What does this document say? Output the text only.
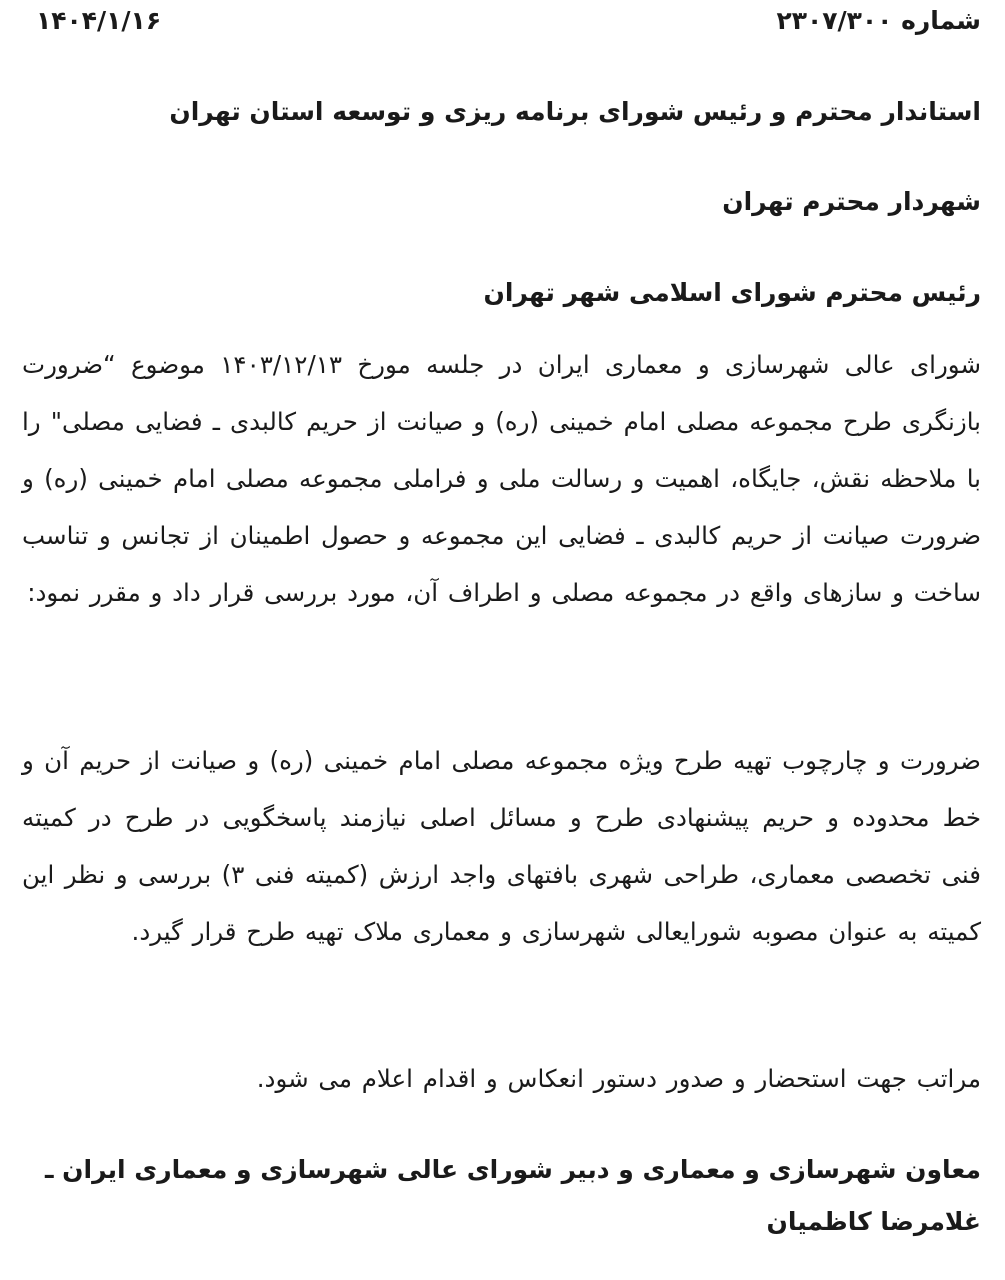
شماره ۲۳۰۷/۳۰۰
۱۴۰۴/۱/۱۶
استاندار محترم و رئیس شورای برنامه ریزی و توسعه استان تهران
شهردار محترم تهران
رئیس محترم شورای اسلامی شهر تهران
شورای عالی شهرسازی و معماری ایران در جلسه مورخ ۱۴۰۳/۱۲/۱۳ موضوع “ضرورت بازنگری طرح مجموعه مصلی امام خمینی (ره) و صیانت از حریم کالبدی ـ فضایی مصلی" را با ملاحظه نقش، جایگاه، اهمیت و رسالت ملی و فراملی مجموعه مصلی امام خمینی (ره) و ضرورت صیانت از حریم کالبدی ـ فضایی این مجموعه و حصول اطمینان از تجانس و تناسب ساخت و سازهای واقع در مجموعه مصلی و اطراف آن، مورد بررسی قرار داد و مقرر نمود:
ضرورت و چارچوب تهیه طرح ویژه مجموعه مصلی امام خمینی (ره) و صیانت از حریم آن و خط محدوده و حریم پیشنهادی طرح و مسائل اصلی نیازمند پاسخگویی در طرح در کمیته فنی تخصصی معماری، طراحی شهری بافتهای واجد ارزش (کمیته فنی ۳) بررسی و نظر این کمیته به عنوان مصوبه شورایعالی شهرسازی و معماری ملاک تهیه طرح قرار گیرد.
مراتب جهت استحضار و صدور دستور انعکاس و اقدام اعلام می شود.
معاون شهرسازی و معماری و دبیر شورای عالی شهرسازی و معماری ایران ـ
غلامرضا کاظمیان
